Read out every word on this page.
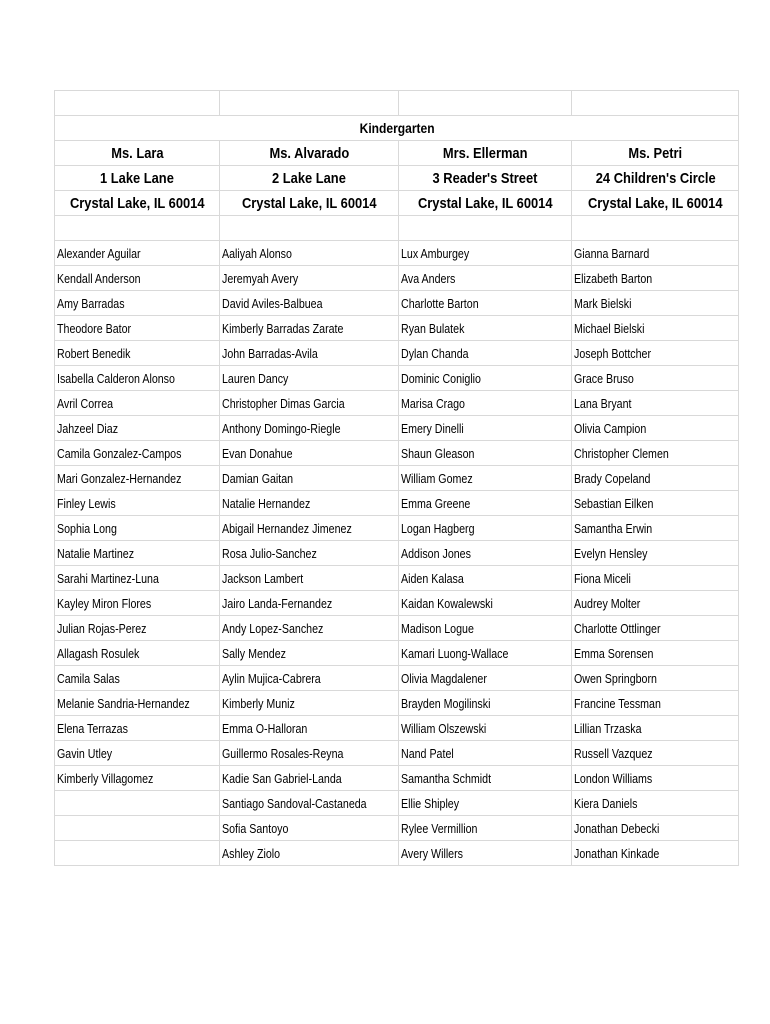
Kindergarten			
Ms. Lara	Ms. Alvarado	Mrs. Ellerman	Ms. Petri
1 Lake Lane	2 Lake Lane	3 Reader's Street	24 Children's Circle
Crystal Lake, IL 60014	Crystal Lake, IL 60014	Crystal Lake, IL 60014	Crystal Lake, IL 60014

Alexander Aguilar	Aaliyah Alonso	Lux Amburgey	Gianna Barnard
Kendall Anderson	Jeremyah Avery	Ava Anders	Elizabeth Barton
Amy Barradas	David Aviles-Balbuea	Charlotte Barton	Mark Bielski
Theodore Bator	Kimberly Barradas Zarate	Ryan Bulatek	Michael Bielski
Robert Benedik	John Barradas-Avila	Dylan Chanda	Joseph Bottcher
Isabella Calderon Alonso	Lauren Dancy	Dominic Coniglio	Grace Bruso
Avril Correa	Christopher Dimas Garcia	Marisa Crago	Lana Bryant
Jahzeel Diaz	Anthony Domingo-Riegle	Emery Dinelli	Olivia Campion
Camila Gonzalez-Campos	Evan Donahue	Shaun Gleason	Christopher Clemen
Mari Gonzalez-Hernandez	Damian Gaitan	William Gomez	Brady Copeland
Finley Lewis	Natalie Hernandez	Emma Greene	Sebastian Eilken
Sophia Long	Abigail Hernandez Jimenez	Logan Hagberg	Samantha Erwin
Natalie Martinez	Rosa Julio-Sanchez	Addison Jones	Evelyn Hensley
Sarahi Martinez-Luna	Jackson Lambert	Aiden Kalasa	Fiona Miceli
Kayley Miron Flores	Jairo Landa-Fernandez	Kaidan Kowalewski	Audrey Molter
Julian Rojas-Perez	Andy Lopez-Sanchez	Madison Logue	Charlotte Ottlinger
Allagash Rosulek	Sally Mendez	Kamari Luong-Wallace	Emma Sorensen
Camila Salas	Aylin Mujica-Cabrera	Olivia Magdalener	Owen Springborn
Melanie Sandria-Hernandez	Kimberly Muniz	Brayden Mogilinski	Francine Tessman
Elena Terrazas	Emma O-Halloran	William Olszewski	Lillian Trzaska
Gavin Utley	Guillermo Rosales-Reyna	Nand Patel	Russell Vazquez
Kimberly Villagomez	Kadie San Gabriel-Landa	Samantha Schmidt	London Williams
	Santiago Sandoval-Castaneda	Ellie Shipley	Kiera Daniels
	Sofia Santoyo	Rylee Vermillion	Jonathan Debecki
	Ashley Ziolo	Avery Willers	Jonathan Kinkade
